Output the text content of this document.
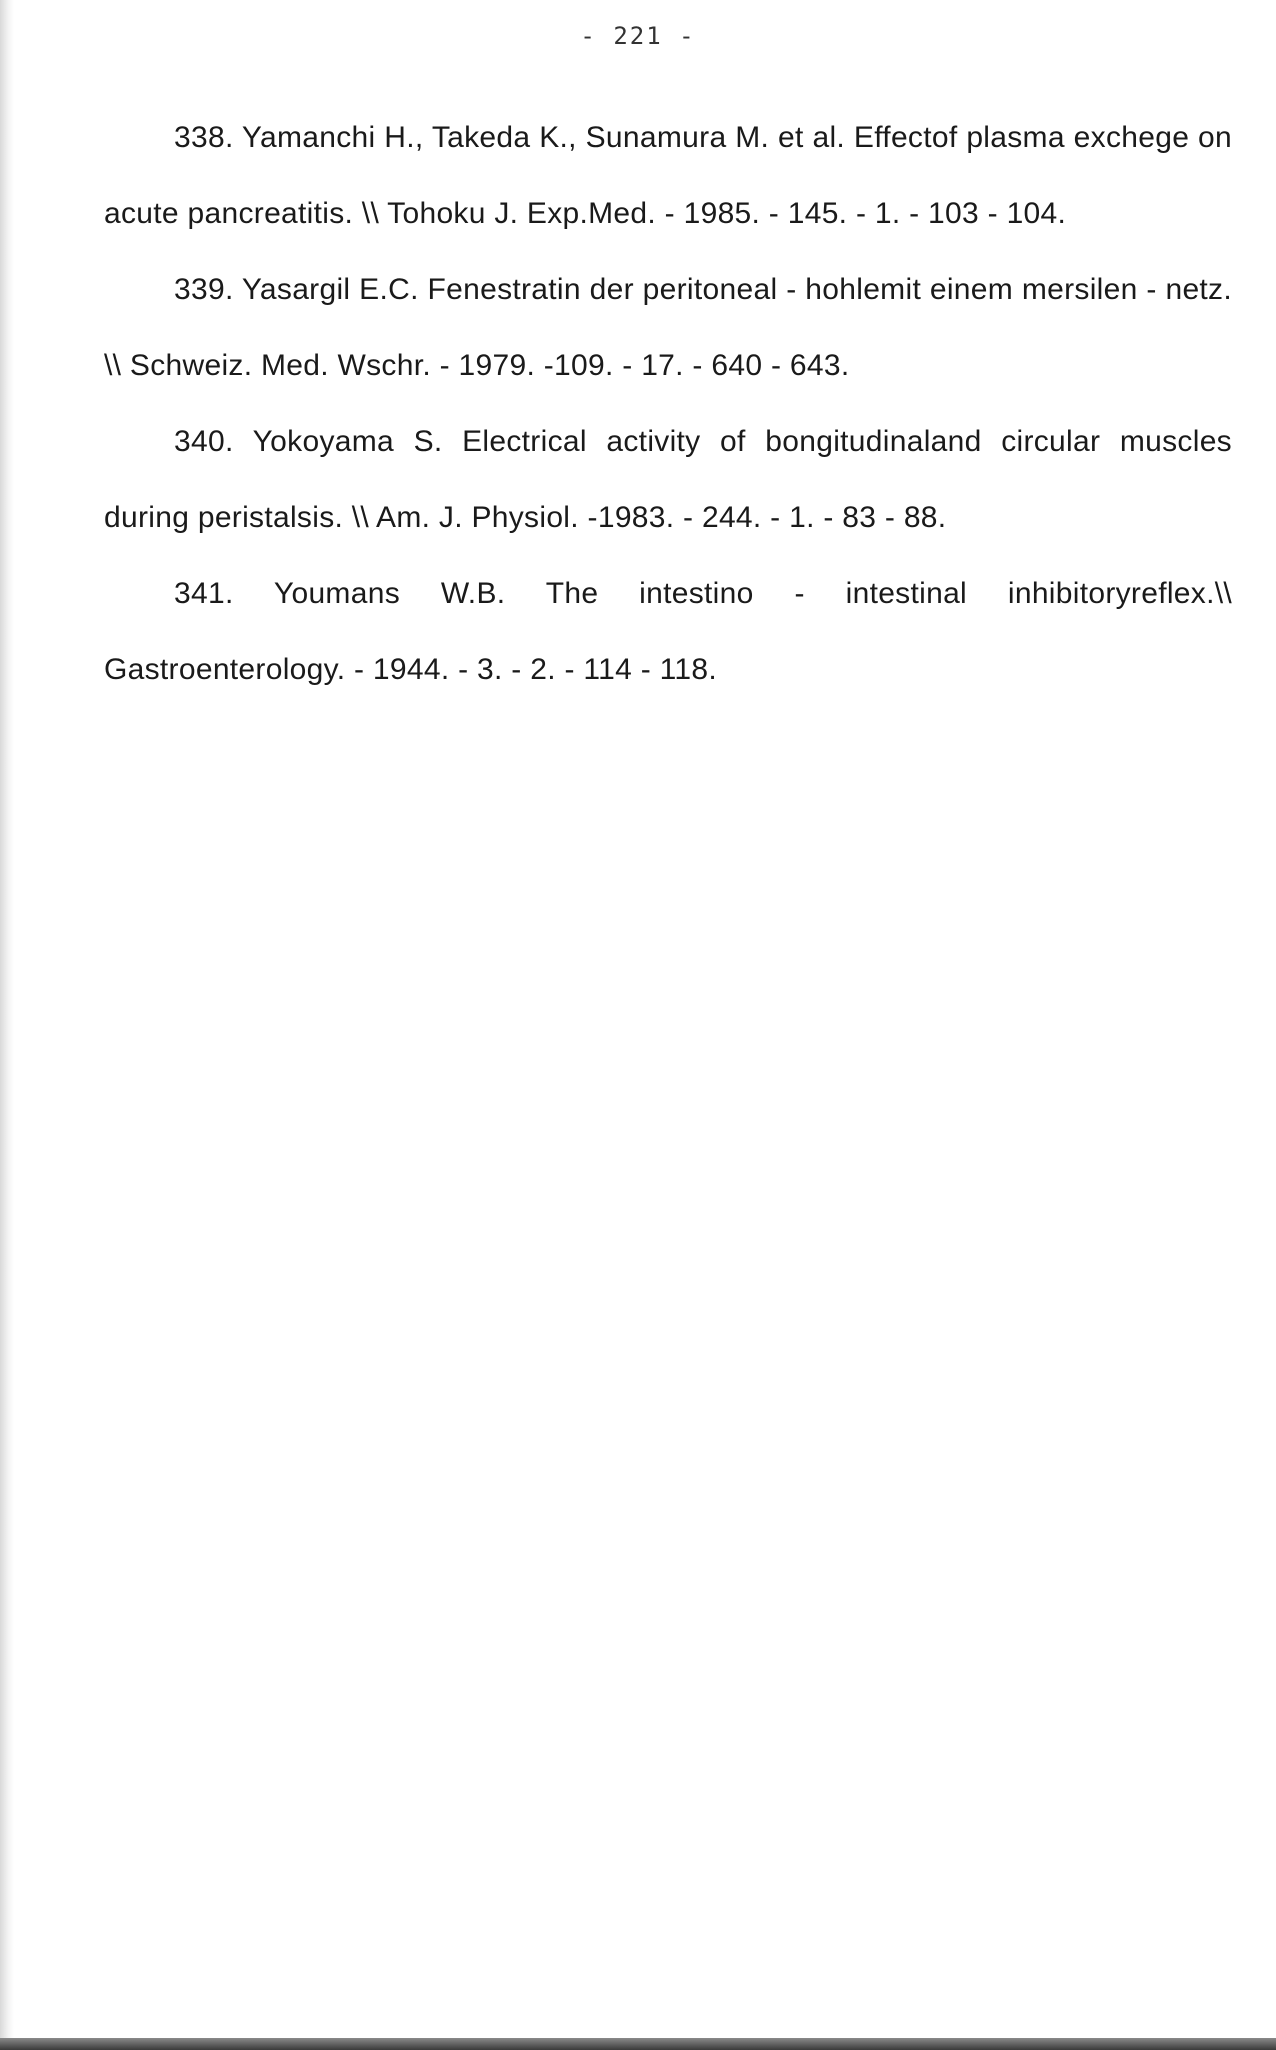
- 221 -

338. Yamanchi H., Takeda K., Sunamura M. et al. Effectof plasma exchege on acute pancreatitis. \\ Tohoku J. Exp.Med. - 1985. - 145. - 1. - 103 - 104.

339. Yasargil E.C. Fenestratin der peritoneal - hohlemit einem mersilen - netz. \\ Schweiz. Med. Wschr. - 1979. -109. - 17. - 640 - 643.

340. Yokoyama S. Electrical activity of bongitudinaland circular muscles during peristalsis. \\ Am. J. Physiol. -1983. - 244. - 1. - 83 - 88.

341. Youmans W.B. The intestino - intestinal inhibitoryreflex.\\ Gastroenterology. - 1944. - 3. - 2. - 114 - 118.
